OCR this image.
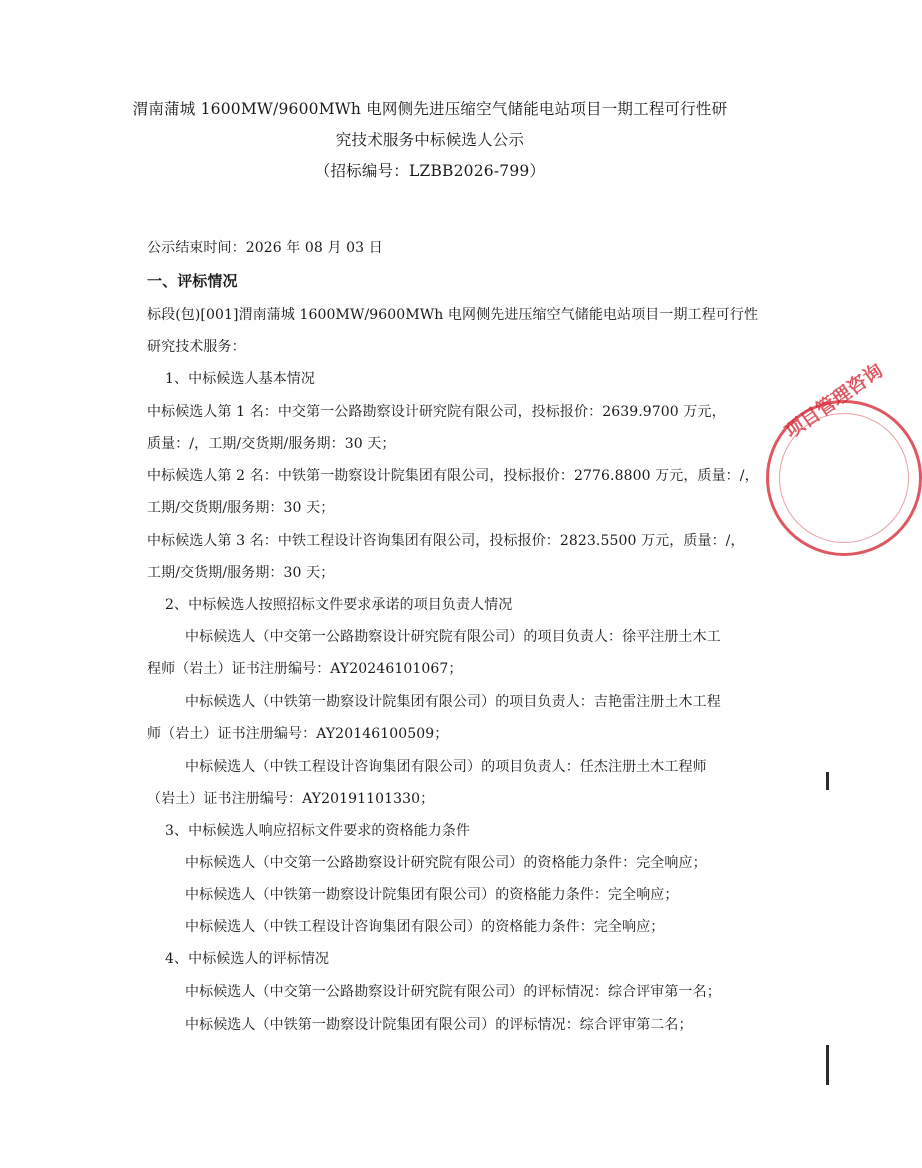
渭南蒲城 1600MW/9600MWh 电网侧先进压缩空气储能电站项目一期工程可行性研
究技术服务中标候选人公示
（招标编号：LZBB2026-799）
公示结束时间：2026 年 08 月 03 日
一、评标情况
标段(包)[001]渭南蒲城 1600MW/9600MWh 电网侧先进压缩空气储能电站项目一期工程可行性
研究技术服务：
1、中标候选人基本情况
中标候选人第 1 名：中交第一公路勘察设计研究院有限公司，投标报价：2639.9700 万元，
质量：/，工期/交货期/服务期：30 天；
中标候选人第 2 名：中铁第一勘察设计院集团有限公司，投标报价：2776.8800 万元，质量：/，
工期/交货期/服务期：30 天；
中标候选人第 3 名：中铁工程设计咨询集团有限公司，投标报价：2823.5500 万元，质量：/，
工期/交货期/服务期：30 天；
2、中标候选人按照招标文件要求承诺的项目负责人情况
中标候选人（中交第一公路勘察设计研究院有限公司）的项目负责人：徐平注册土木工
程师（岩土）证书注册编号：AY20246101067；
中标候选人（中铁第一勘察设计院集团有限公司）的项目负责人：吉艳雷注册土木工程
师（岩土）证书注册编号：AY20146100509；
中标候选人（中铁工程设计咨询集团有限公司）的项目负责人：任杰注册土木工程师
（岩土）证书注册编号：AY20191101330；
3、中标候选人响应招标文件要求的资格能力条件
中标候选人（中交第一公路勘察设计研究院有限公司）的资格能力条件：完全响应；
中标候选人（中铁第一勘察设计院集团有限公司）的资格能力条件：完全响应；
中标候选人（中铁工程设计咨询集团有限公司）的资格能力条件：完全响应；
4、中标候选人的评标情况
中标候选人（中交第一公路勘察设计研究院有限公司）的评标情况：综合评审第一名；
中标候选人（中铁第一勘察设计院集团有限公司）的评标情况：综合评审第二名；
项目管理咨询
